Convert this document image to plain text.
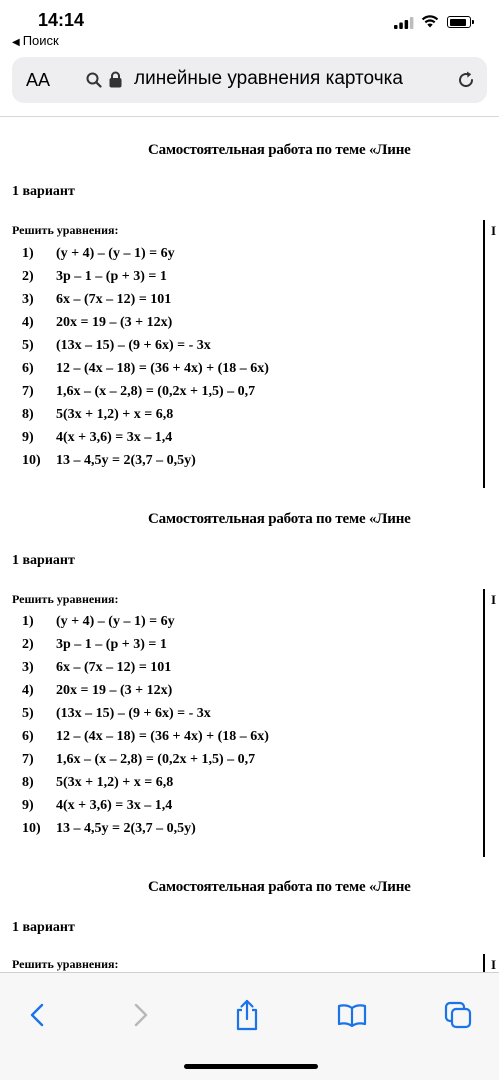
14:14
◀ Поиск
AA	линейные уравнения карточка
Самостоятельная работа по теме «Лине
1 вариант
Решить уравнения:	I
1) (у + 4) – (у – 1) = 6у
2) 3р – 1 – (р + 3) = 1
3) 6х – (7х – 12) = 101
4) 20х = 19 – (3 + 12х)
5) (13х – 15) – (9 + 6х) = - 3х
6) 12 – (4х – 18) = (36 + 4х) + (18 – 6х)
7) 1,6х – (х – 2,8) = (0,2х + 1,5) – 0,7
8) 5(3х + 1,2) + х = 6,8
9) 4(х + 3,6) = 3х – 1,4
10) 13 – 4,5у = 2(3,7 – 0,5у)
Самостоятельная работа по теме «Лине
1 вариант
Решить уравнения:	I
1) (у + 4) – (у – 1) = 6у
2) 3р – 1 – (р + 3) = 1
3) 6х – (7х – 12) = 101
4) 20х = 19 – (3 + 12х)
5) (13х – 15) – (9 + 6х) = - 3х
6) 12 – (4х – 18) = (36 + 4х) + (18 – 6х)
7) 1,6х – (х – 2,8) = (0,2х + 1,5) – 0,7
8) 5(3х + 1,2) + х = 6,8
9) 4(х + 3,6) = 3х – 1,4
10) 13 – 4,5у = 2(3,7 – 0,5у)
Самостоятельная работа по теме «Лине
1 вариант
Решить уравнения:	I
